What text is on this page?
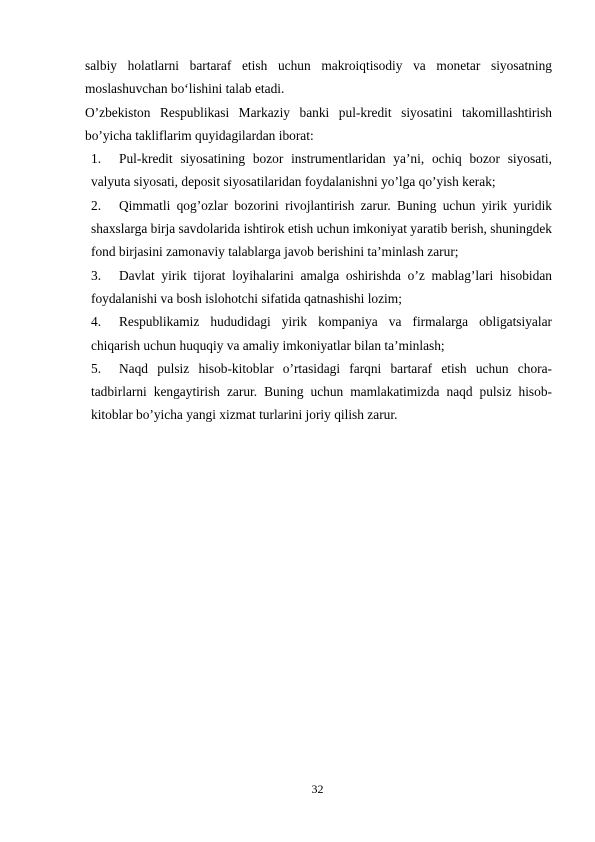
salbiy holatlarni bartaraf etish uchun makroiqtisodiy va monetar siyosatning moslashuvchan bo‘lishini talab etadi.

O’zbekiston Respublikasi Markaziy banki pul-kredit siyosatini takomillashtirish bo’yicha takliflarim quyidagilardan iborat:

1. Pul-kredit siyosatining bozor instrumentlaridan ya’ni, ochiq bozor siyosati, valyuta siyosati, deposit siyosatilaridan foydalanishni yo’lga qo’yish kerak;
2. Qimmatli qog’ozlar bozorini rivojlantirish zarur. Buning uchun yirik yuridik shaxslarga birja savdolarida ishtirok etish uchun imkoniyat yaratib berish, shuningdek fond birjasini zamonaviy talablarga javob berishini ta’minlash zarur;
3. Davlat yirik tijorat loyihalarini amalga oshirishda o’z mablag’lari hisobidan foydalanishi va bosh islohotchi sifatida qatnashishi lozim;
4. Respublikamiz hududidagi yirik kompaniya va firmalarga obligatsiyalar chiqarish uchun huquqiy va amaliy imkoniyatlar bilan ta’minlash;
5. Naqd pulsiz hisob-kitoblar o’rtasidagi farqni bartaraf etish uchun chora-tadbirlarni kengaytirish zarur. Buning uchun mamlakatimizda naqd pulsiz hisob-kitoblar bo’yicha yangi xizmat turlarini joriy qilish zarur.
32
